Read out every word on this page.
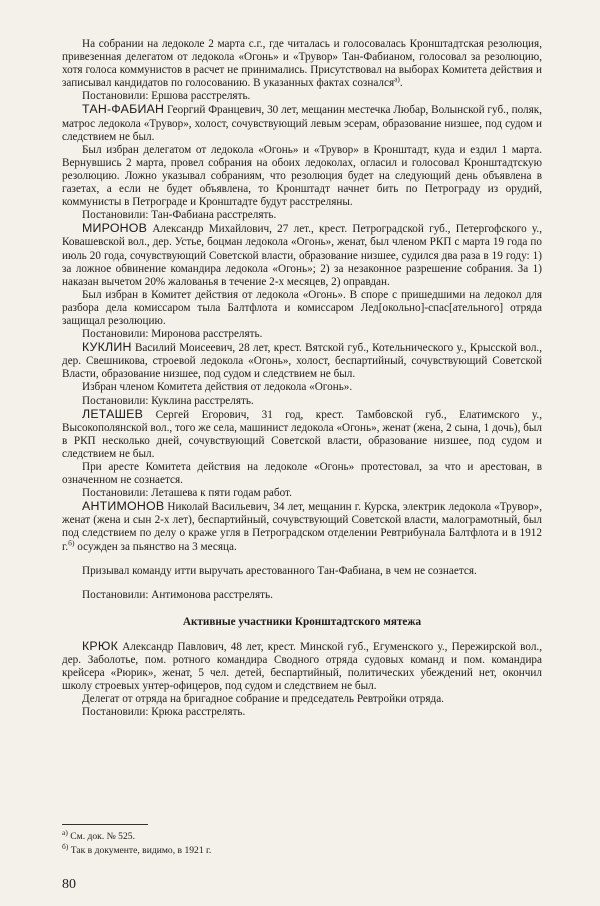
На собрании на ледоколе 2 марта с.г., где читалась и голосовалась Кронштадтская резолюция, привезенная делегатом от ледокола «Огонь» и «Трувор» Тан-Фабианом, голосовал за резолюцию, хотя голоса коммунистов в расчет не принимались. Присутствовал на выборах Комитета действия и записывал кандидатов по голосованию. В указанных фактах сознался$^{а)}$.

Постановили: Ершова расстрелять.

ТАН-ФАБИАН Георгий Францевич, 30 лет, мещанин местечка Любар, Волынской губ., поляк, матрос ледокола «Трувор», холост, сочувствующий левым эсерам, образование низшее, под судом и следствием не был.

Был избран делегатом от ледокола «Огонь» и «Трувор» в Кронштадт, куда и ездил 1 марта. Вернувшись 2 марта, провел собрания на обоих ледоколах, огласил и голосовал Кронштадтскую резолюцию. Ложно указывал собраниям, что резолюция будет на следующий день объявлена в газетах, а если не будет объявлена, то Кронштадт начнет бить по Петрограду из орудий, коммунисты в Петрограде и Кронштадте будут расстреляны.

Постановили: Тан-Фабиана расстрелять.

МИРОНОВ Александр Михайлович, 27 лет., крест. Петроградской губ., Петергофского у., Ковашевской вол., дер. Устье, боцман ледокола «Огонь», женат, был членом РКП с марта 19 года по июль 20 года, сочувствующий Советской власти, образование низшее, судился два раза в 19 году: 1) за ложное обвинение командира ледокола «Огонь»; 2) за незаконное разрешение собрания. За 1) наказан вычетом 20% жалованья в течение 2-х месяцев, 2) оправдан.

Был избран в Комитет действия от ледокола «Огонь». В споре с пришедшими на ледокол для разбора дела комиссаром тыла Балтфлота и комиссаром Лед[окольно]-спас[ательного] отряда защищал резолюцию.

Постановили: Миронова расстрелять.

КУКЛИН Василий Моисеевич, 28 лет, крест. Вятской губ., Котельнического у., Крысской вол., дер. Свешникова, строевой ледокола «Огонь», холост, беспартийный, сочувствующий Советской Власти, образование низшее, под судом и следствием не был.

Избран членом Комитета действия от ледокола «Огонь».

Постановили: Куклина расстрелять.

ЛЕТАШЕВ Сергей Егорович, 31 год, крест. Тамбовской губ., Елатимского у., Высокополянской вол., того же села, машинист ледокола «Огонь», женат (жена, 2 сына, 1 дочь), был в РКП несколько дней, сочувствующий Советской власти, образование низшее, под судом и следствием не был.

При аресте Комитета действия на ледоколе «Огонь» протестовал, за что и арестован, в означенном не сознается.

Постановили: Леташева к пяти годам работ.

АНТИМОНОВ Николай Васильевич, 34 лет, мещанин г. Курска, электрик ледокола «Трувор», женат (жена и сын 2-х лет), беспартийный, сочувствующий Советской власти, малограмотный, был под следствием по делу о краже угля в Петроградском отделении Ревтрибунала Балтфлота и в 1912 г.$^{б)}$ осужден за пьянство на 3 месяца.

Призывал команду итти выручать арестованного Тан-Фабиана, в чем не сознается.

Постановили: Антимонова расстрелять.

Активные участники Кронштадтского мятежа

КРЮК Александр Павлович, 48 лет, крест. Минской губ., Егуменского у., Пережирской вол., дер. Заболотье, пом. ротного командира Сводного отряда судовых команд и пом. командира крейсера «Рюрик», женат, 5 чел. детей, беспартийный, политических убеждений нет, окончил школу строевых унтер-офицеров, под судом и следствием не был.

Делегат от отряда на бригадное собрание и председатель Ревтройки отряда.

Постановили: Крюка расстрелять.

$^{а)}$ См. док. № 525.

$^{б)}$ Так в документе, видимо, в 1921 г.

80
